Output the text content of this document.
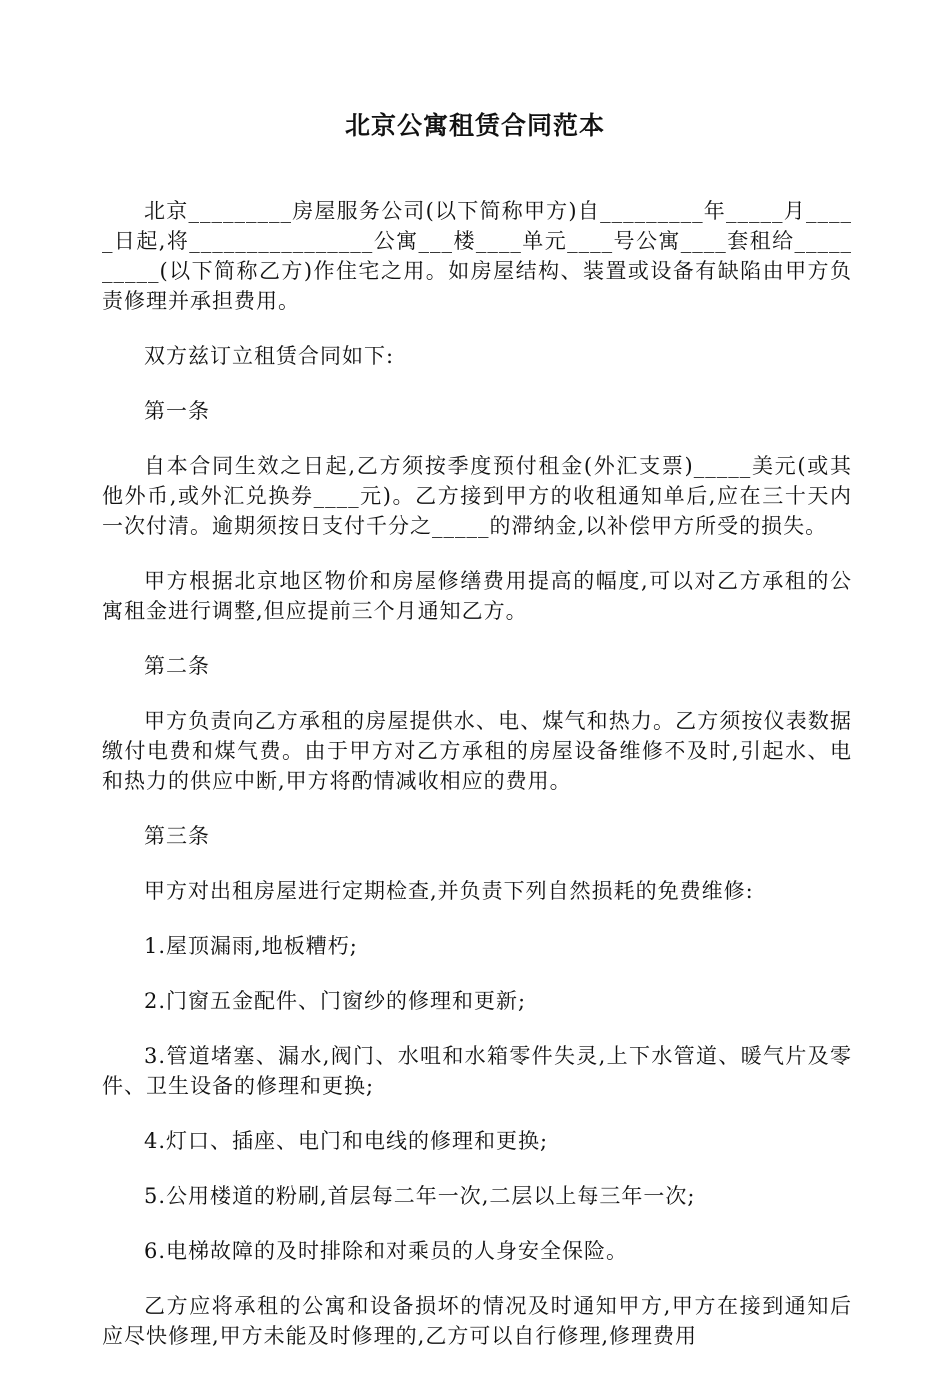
北京公寓租赁合同范本

北京_________房屋服务公司(以下简称甲方)自_________年_____月_____日起,将________________公寓___楼____单元____号公寓____套租给__________(以下简称乙方)作住宅之用。如房屋结构、装置或设备有缺陷由甲方负责修理并承担费用。

双方兹订立租赁合同如下:

第一条

自本合同生效之日起,乙方须按季度预付租金(外汇支票)_____美元(或其他外币,或外汇兑换券____元)。乙方接到甲方的收租通知单后,应在三十天内一次付清。逾期须按日支付千分之_____的滞纳金,以补偿甲方所受的损失。

甲方根据北京地区物价和房屋修缮费用提高的幅度,可以对乙方承租的公寓租金进行调整,但应提前三个月通知乙方。

第二条

甲方负责向乙方承租的房屋提供水、电、煤气和热力。乙方须按仪表数据缴付电费和煤气费。由于甲方对乙方承租的房屋设备维修不及时,引起水、电和热力的供应中断,甲方将酌情减收相应的费用。

第三条

甲方对出租房屋进行定期检查,并负责下列自然损耗的免费维修:

1.屋顶漏雨,地板糟朽;

2.门窗五金配件、门窗纱的修理和更新;

3.管道堵塞、漏水,阀门、水咀和水箱零件失灵,上下水管道、暖气片及零件、卫生设备的修理和更换;

4.灯口、插座、电门和电线的修理和更换;

5.公用楼道的粉刷,首层每二年一次,二层以上每三年一次;

6.电梯故障的及时排除和对乘员的人身安全保险。

乙方应将承租的公寓和设备损坏的情况及时通知甲方,甲方在接到通知后应尽快修理,甲方未能及时修理的,乙方可以自行修理,修理费用
